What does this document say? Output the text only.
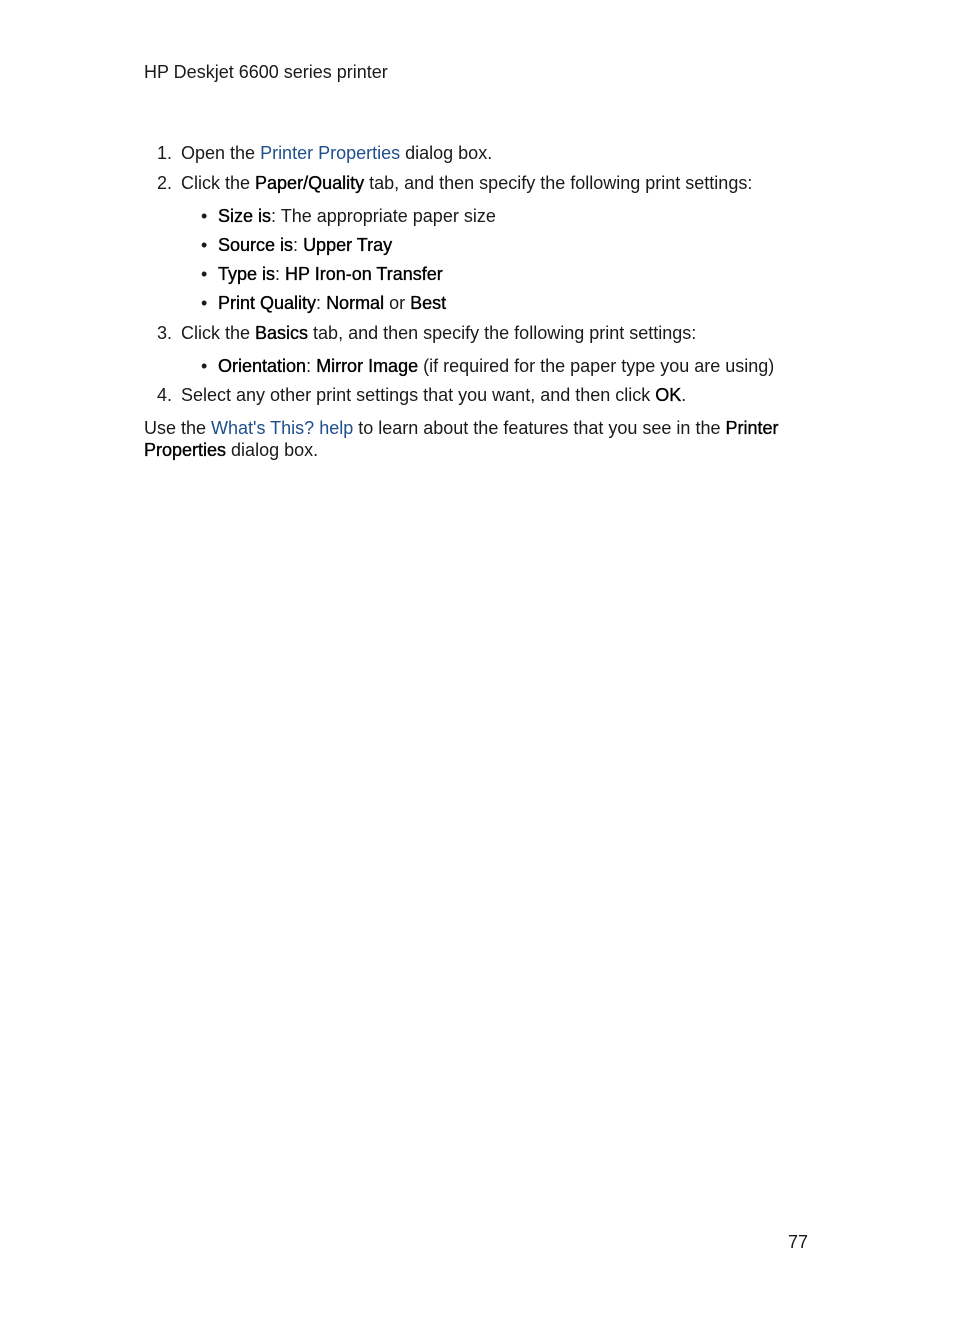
HP Deskjet 6600 series printer
1. Open the Printer Properties dialog box.
2. Click the Paper/Quality tab, and then specify the following print settings:
• Size is: The appropriate paper size
• Source is: Upper Tray
• Type is: HP Iron-on Transfer
• Print Quality: Normal or Best
3. Click the Basics tab, and then specify the following print settings:
• Orientation: Mirror Image (if required for the paper type you are using)
4. Select any other print settings that you want, and then click OK.
Use the What's This? help to learn about the features that you see in the Printer
Properties dialog box.
77
